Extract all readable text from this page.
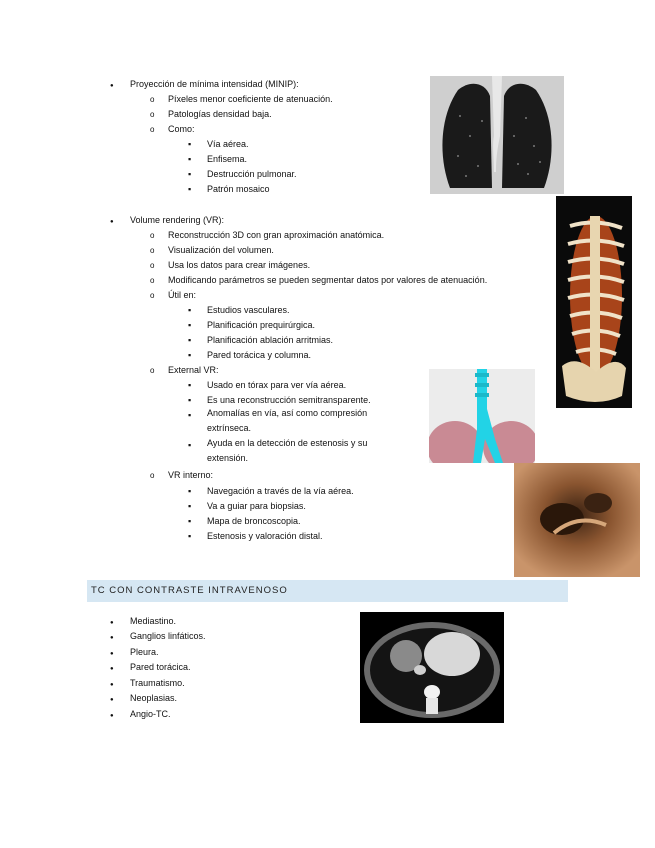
●
Proyección de mínima intensidad (MINIP):
o
Píxeles menor coeficiente de atenuación.
o
Patologías densidad baja.
o
Como:
▪
Vía aérea.
▪
Enfisema.
▪
Destrucción pulmonar.
▪
Patrón mosaico
●
Volume rendering (VR):
o
Reconstrucción 3D con gran aproximación anatómica.
o
Visualización del volumen.
o
Usa los datos para crear imágenes.
o
Modificando parámetros se pueden segmentar datos por valores de atenuación.
o
Útil en:
▪
Estudios vasculares.
▪
Planificación prequirúrgica.
▪
Planificación ablación arritmias.
▪
Pared torácica y columna.
o
External VR:
▪
Usado en tórax para ver vía aérea.
▪
Es una reconstrucción semitransparente.
▪
Anomalías en vía, así como compresión extrínseca.
▪
Ayuda en la detección de estenosis y su extensión.
o
VR interno:
▪
Navegación a través de la vía aérea.
▪
Va a guiar para biopsias.
▪
Mapa de broncoscopia.
▪
Estenosis y valoración distal.
TC CON CONTRASTE INTRAVENOSO
●
Mediastino.
●
Ganglios linfáticos.
●
Pleura.
●
Pared torácica.
●
Traumatismo.
●
Neoplasias.
●
Angio-TC.
